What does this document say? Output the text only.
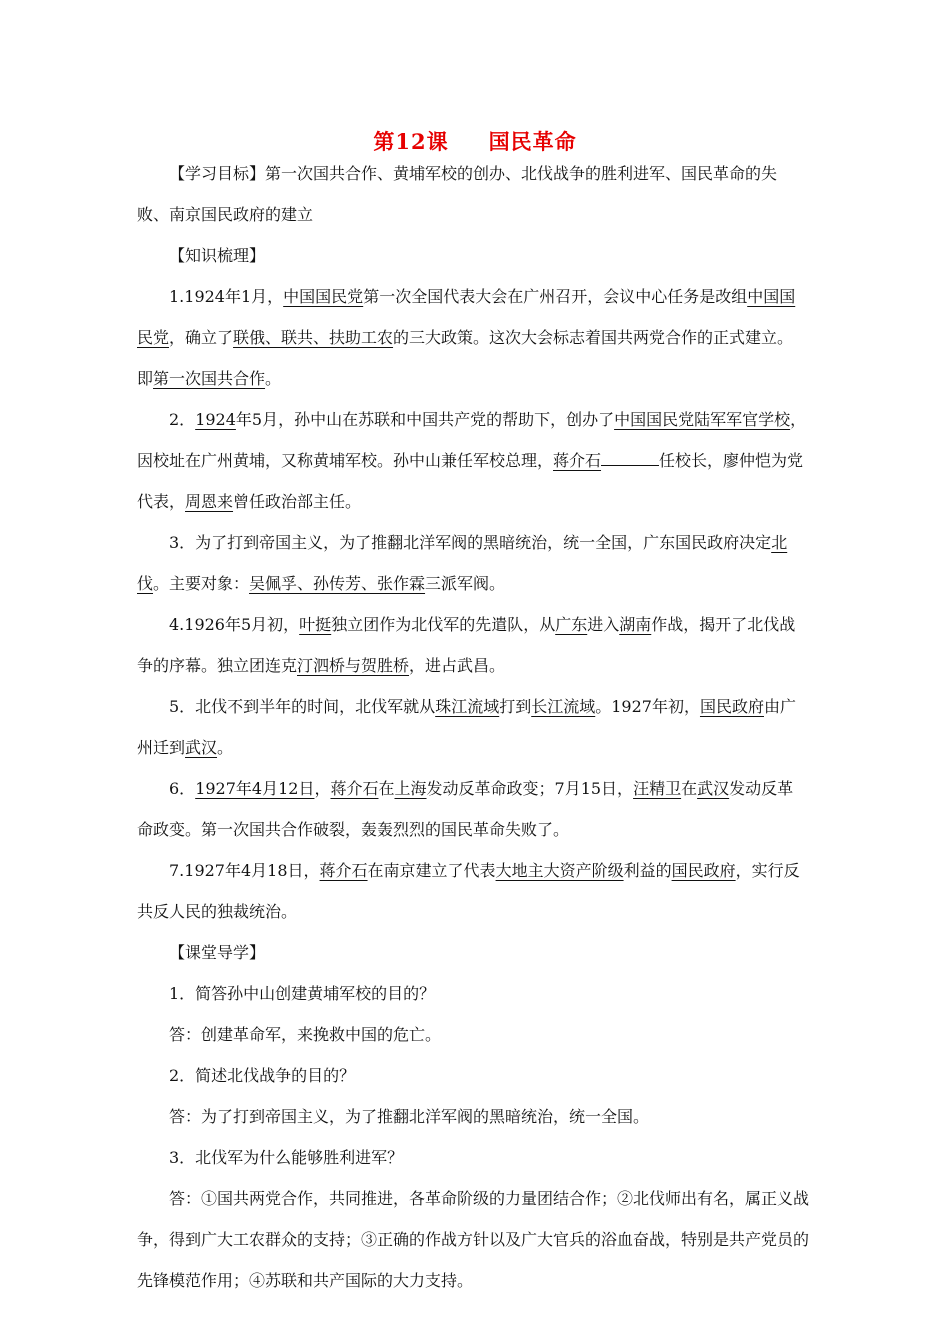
第12课 国民革命

【学习目标】第一次国共合作、黄埔军校的创办、北伐战争的胜利进军、国民革命的失败、南京国民政府的建立

【知识梳理】

1.1924年1月，中国国民党第一次全国代表大会在广州召开，会议中心任务是改组中国国民党，确立了联俄、联共、扶助工农的三大政策。这次大会标志着国共两党合作的正式建立。即第一次国共合作。

2．1924年5月，孙中山在苏联和中国共产党的帮助下，创办了中国国民党陆军军官学校，因校址在广州黄埔，又称黄埔军校。孙中山兼任军校总理，蒋介石	任校长，廖仲恺为党代表，周恩来曾任政治部主任。

3．为了打到帝国主义，为了推翻北洋军阀的黑暗统治，统一全国，广东国民政府决定北伐。主要对象：吴佩孚、孙传芳、张作霖三派军阀。

4.1926年5月初，叶挺独立团作为北伐军的先遣队，从广东进入湖南作战，揭开了北伐战争的序幕。独立团连克汀泗桥与贺胜桥，进占武昌。

5．北伐不到半年的时间，北伐军就从珠江流域打到长江流域。1927年初，国民政府由广州迁到武汉。

6．1927年4月12日，蒋介石在上海发动反革命政变；7月15日，汪精卫在武汉发动反革命政变。第一次国共合作破裂，轰轰烈烈的国民革命失败了。

7.1927年4月18日，蒋介石在南京建立了代表大地主大资产阶级利益的国民政府，实行反共反人民的独裁统治。

【课堂导学】

1．简答孙中山创建黄埔军校的目的？

答：创建革命军，来挽救中国的危亡。

2．简述北伐战争的目的？

答：为了打到帝国主义，为了推翻北洋军阀的黑暗统治，统一全国。

3．北伐军为什么能够胜利进军？

答：①国共两党合作，共同推进，各革命阶级的力量团结合作；②北伐师出有名，属正义战争，得到广大工农群众的支持；③正确的作战方针以及广大官兵的浴血奋战，特别是共产党员的先锋模范作用；④苏联和共产国际的大力支持。
